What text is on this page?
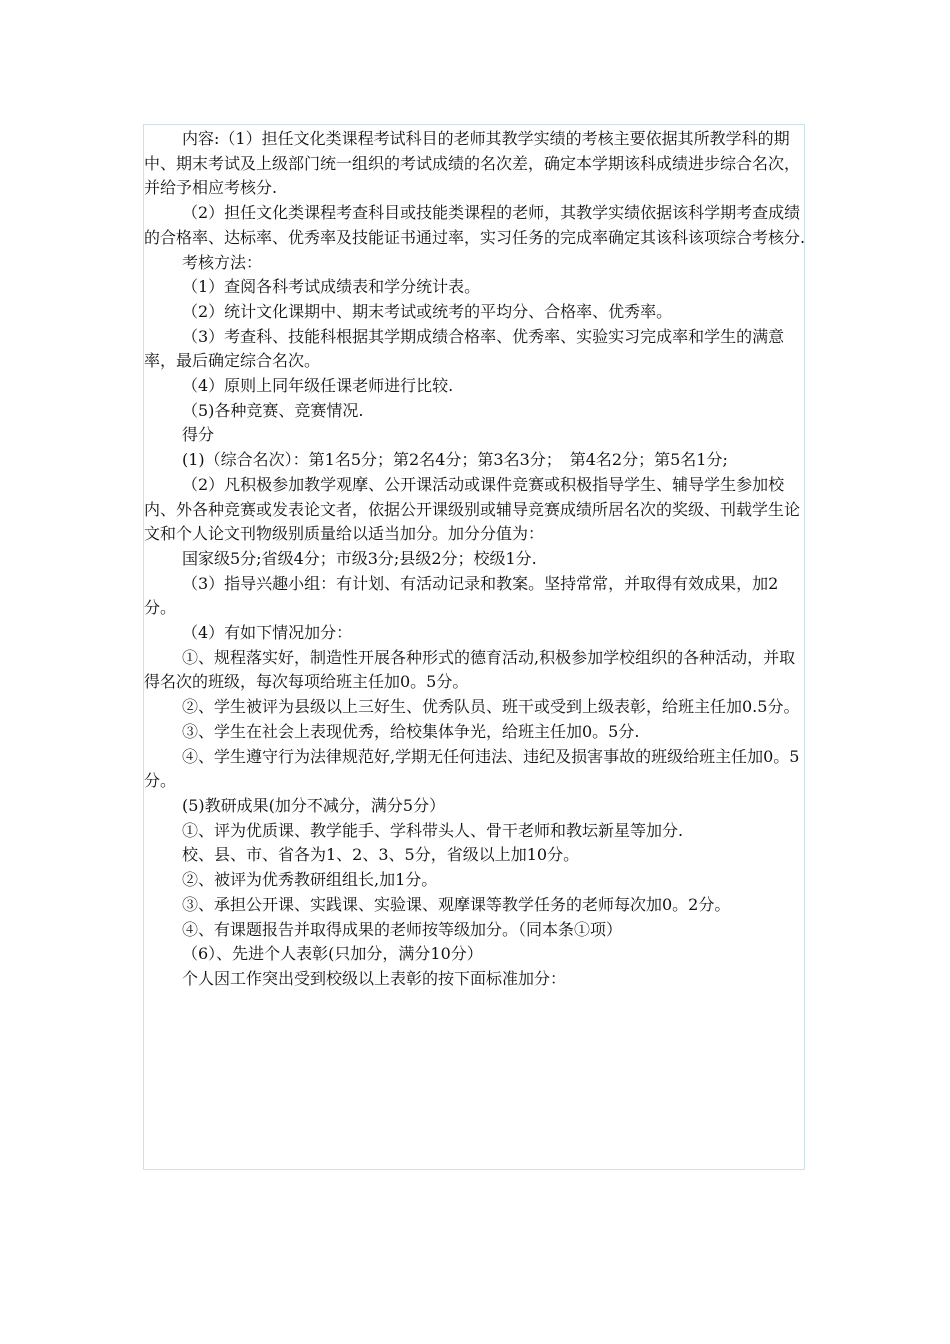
内容:（1）担任文化类课程考试科目的老师其教学实绩的考核主要依据其所教学科的期中、期末考试及上级部门统一组织的考试成绩的名次差，确定本学期该科成绩进步综合名次，并给予相应考核分.

（2）担任文化类课程考查科目或技能类课程的老师，其教学实绩依据该科学期考查成绩的合格率、达标率、优秀率及技能证书通过率，实习任务的完成率确定其该科该项综合考核分.

考核方法：

（1）查阅各科考试成绩表和学分统计表。

（2）统计文化课期中、期末考试或统考的平均分、合格率、优秀率。

（3）考查科、技能科根据其学期成绩合格率、优秀率、实验实习完成率和学生的满意率，最后确定综合名次。

（4）原则上同年级任课老师进行比较.

（5)各种竞赛、竞赛情况.

得分

(1)（综合名次）：第1名5分；第2名4分；第3名3分；　第4名2分；第5名1分;

（2）凡积极参加教学观摩、公开课活动或课件竞赛或积极指导学生、辅导学生参加校内、外各种竞赛或发表论文者，依据公开课级别或辅导竞赛成绩所居名次的奖级、刊载学生论文和个人论文刊物级别质量给以适当加分。加分分值为：

国家级5分;省级4分；市级3分;县级2分；校级1分.

（3）指导兴趣小组：有计划、有活动记录和教案。坚持常常，并取得有效成果，加2分。

（4）有如下情况加分：

①、规程落实好，制造性开展各种形式的德育活动,积极参加学校组织的各种活动，并取得名次的班级，每次每项给班主任加0。5分。

②、学生被评为县级以上三好生、优秀队员、班干或受到上级表彰，给班主任加0.5分。

③、学生在社会上表现优秀，给校集体争光，给班主任加0。5分.

④、学生遵守行为法律规范好,学期无任何违法、违纪及损害事故的班级给班主任加0。5分。

(5)教研成果(加分不减分，满分5分）

①、评为优质课、教学能手、学科带头人、骨干老师和教坛新星等加分.

校、县、市、省各为1、2、3、5分，省级以上加10分。

②、被评为优秀教研组组长,加1分。

③、承担公开课、实践课、实验课、观摩课等教学任务的老师每次加0。2分。

④、有课题报告并取得成果的老师按等级加分。（同本条①项）

（6）、先进个人表彰(只加分，满分10分）

个人因工作突出受到校级以上表彰的按下面标准加分：
